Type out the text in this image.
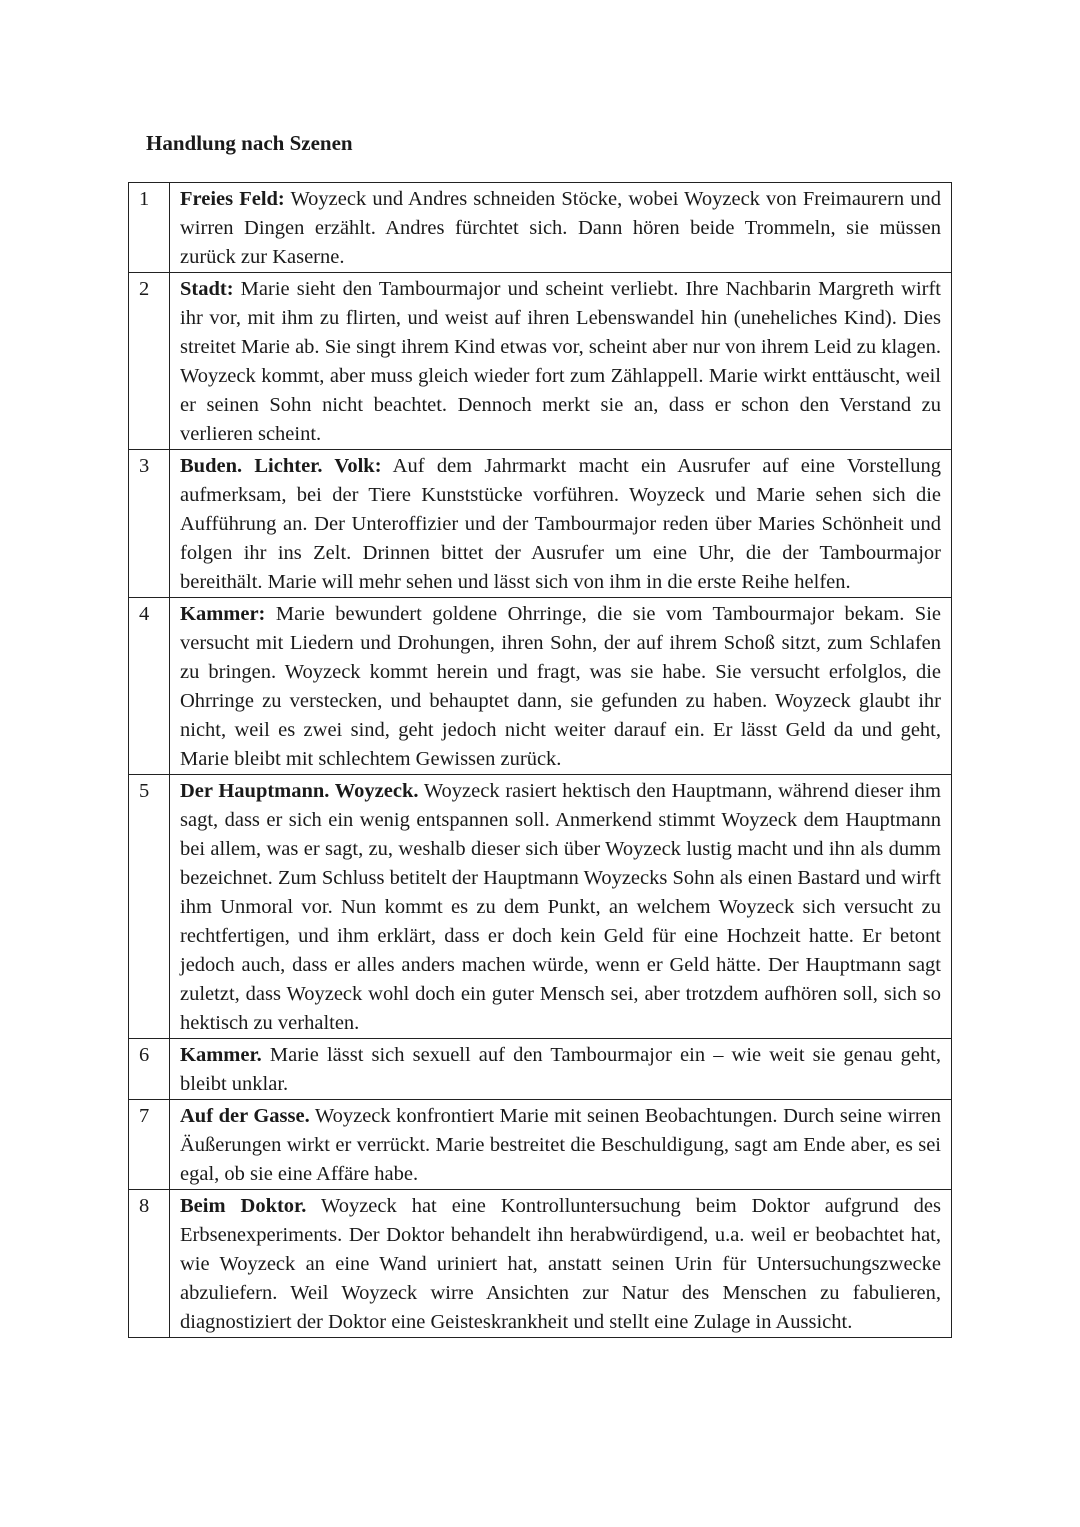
Handlung nach Szenen
1	Freies Feld: Woyzeck und Andres schneiden Stöcke, wobei Woyzeck von Freimaurern und wirren Dingen erzählt. Andres fürchtet sich. Dann hören beide Trommeln, sie müssen zurück zur Kaserne.
2	Stadt: Marie sieht den Tambourmajor und scheint verliebt. Ihre Nachbarin Margreth wirft ihr vor, mit ihm zu flirten, und weist auf ihren Lebenswandel hin (uneheliches Kind). Dies streitet Marie ab. Sie singt ihrem Kind etwas vor, scheint aber nur von ihrem Leid zu klagen. Woyzeck kommt, aber muss gleich wieder fort zum Zählappell. Marie wirkt enttäuscht, weil er seinen Sohn nicht beachtet. Dennoch merkt sie an, dass er schon den Verstand zu verlieren scheint.
3	Buden. Lichter. Volk: Auf dem Jahrmarkt macht ein Ausrufer auf eine Vorstellung aufmerksam, bei der Tiere Kunststücke vorführen. Woyzeck und Marie sehen sich die Aufführung an. Der Unteroffizier und der Tambourmajor reden über Maries Schönheit und folgen ihr ins Zelt. Drinnen bittet der Ausrufer um eine Uhr, die der Tambourmajor bereithält. Marie will mehr sehen und lässt sich von ihm in die erste Reihe helfen.
4	Kammer: Marie bewundert goldene Ohrringe, die sie vom Tambourmajor bekam. Sie versucht mit Liedern und Drohungen, ihren Sohn, der auf ihrem Schoß sitzt, zum Schlafen zu bringen. Woyzeck kommt herein und fragt, was sie habe. Sie versucht erfolglos, die Ohrringe zu verstecken, und behauptet dann, sie gefunden zu haben. Woyzeck glaubt ihr nicht, weil es zwei sind, geht jedoch nicht weiter darauf ein. Er lässt Geld da und geht, Marie bleibt mit schlechtem Gewissen zurück.
5	Der Hauptmann. Woyzeck. Woyzeck rasiert hektisch den Hauptmann, während dieser ihm sagt, dass er sich ein wenig entspannen soll. Anmerkend stimmt Woyzeck dem Hauptmann bei allem, was er sagt, zu, weshalb dieser sich über Woyzeck lustig macht und ihn als dumm bezeichnet. Zum Schluss betitelt der Hauptmann Woyzecks Sohn als einen Bastard und wirft ihm Unmoral vor. Nun kommt es zu dem Punkt, an welchem Woyzeck sich versucht zu rechtfertigen, und ihm erklärt, dass er doch kein Geld für eine Hochzeit hatte. Er betont jedoch auch, dass er alles anders machen würde, wenn er Geld hätte. Der Hauptmann sagt zuletzt, dass Woyzeck wohl doch ein guter Mensch sei, aber trotzdem aufhören soll, sich so hektisch zu verhalten.
6	Kammer. Marie lässt sich sexuell auf den Tambourmajor ein – wie weit sie genau geht, bleibt unklar.
7	Auf der Gasse. Woyzeck konfrontiert Marie mit seinen Beobachtungen. Durch seine wirren Äußerungen wirkt er verrückt. Marie bestreitet die Beschuldigung, sagt am Ende aber, es sei egal, ob sie eine Affäre habe.
8	Beim Doktor. Woyzeck hat eine Kontrolluntersuchung beim Doktor aufgrund des Erbsenexperiments. Der Doktor behandelt ihn herabwürdigend, u.a. weil er beobachtet hat, wie Woyzeck an eine Wand uriniert hat, anstatt seinen Urin für Untersuchungszwecke abzuliefern. Weil Woyzeck wirre Ansichten zur Natur des Menschen zu fabulieren, diagnostiziert der Doktor eine Geisteskrankheit und stellt eine Zulage in Aussicht.
